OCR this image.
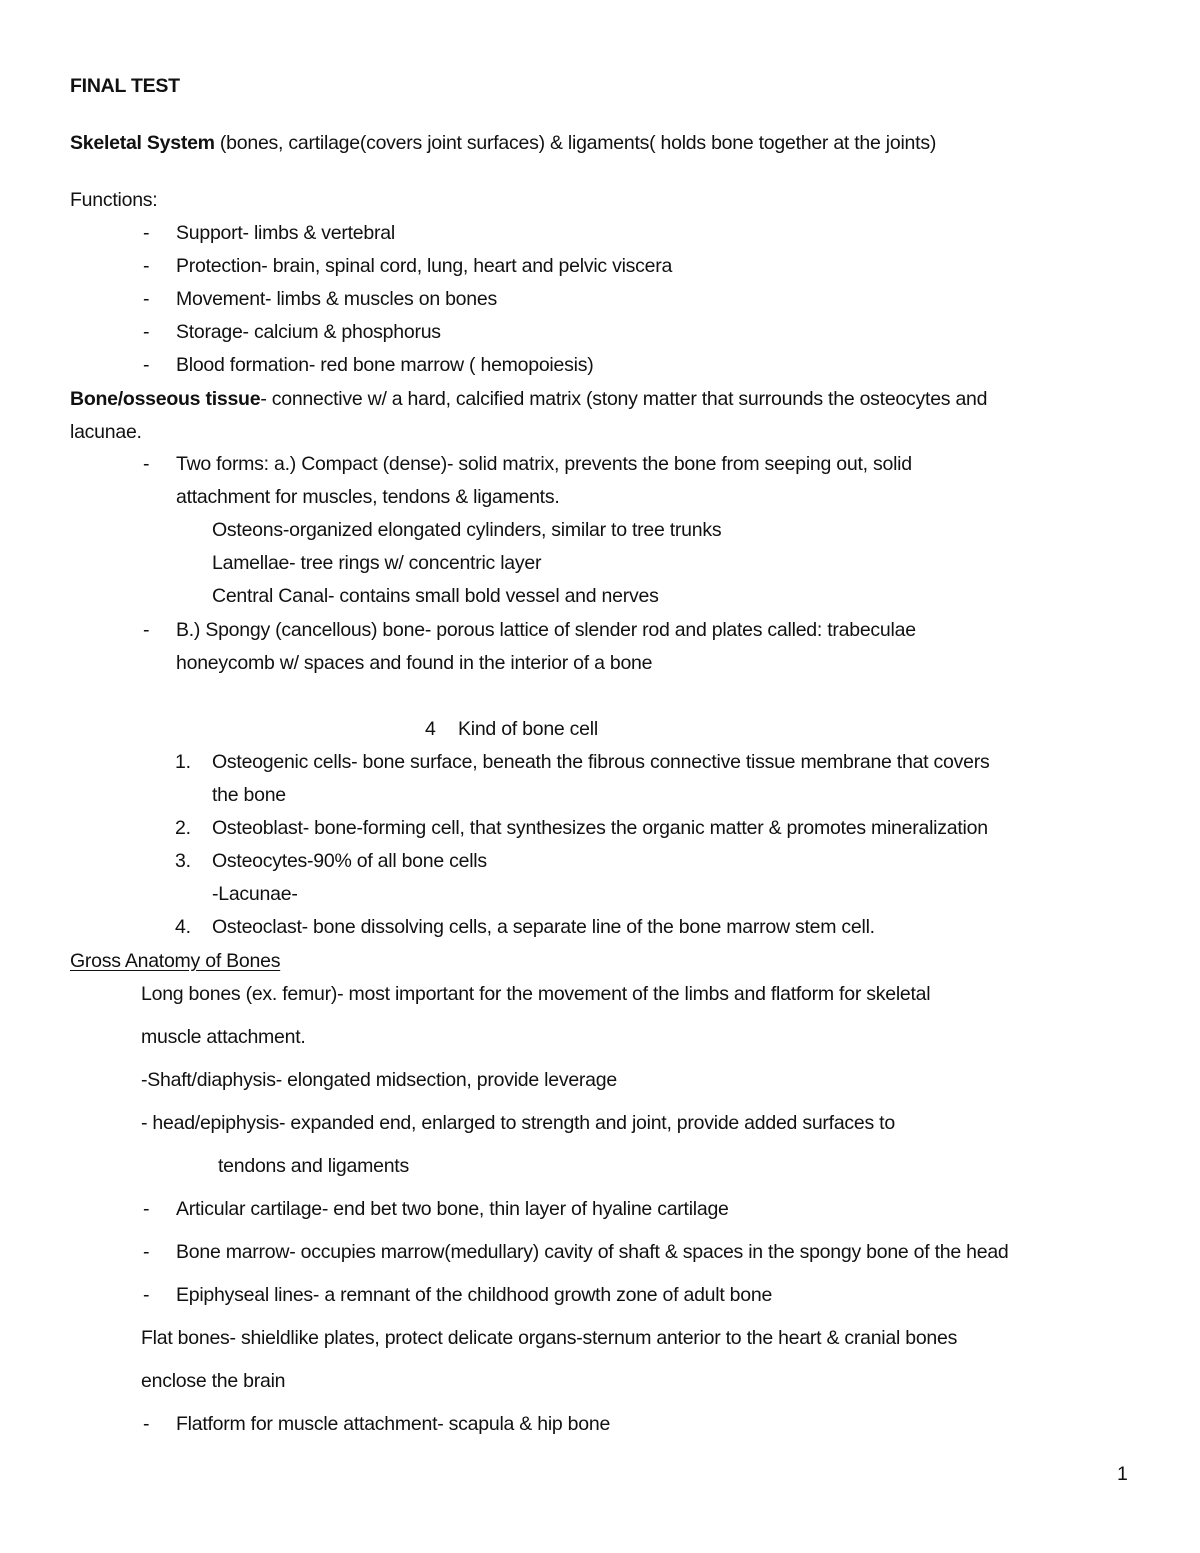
FINAL TEST
Skeletal System (bones, cartilage(covers joint surfaces) & ligaments( holds bone together at the joints)
Functions:
- Support- limbs & vertebral
- Protection- brain, spinal cord, lung, heart and pelvic viscera
- Movement- limbs & muscles on bones
- Storage- calcium & phosphorus
- Blood formation- red bone marrow ( hemopoiesis)
Bone/osseous tissue- connective w/ a hard, calcified matrix (stony matter that surrounds the osteocytes and
lacunae.
- Two forms: a.) Compact (dense)- solid matrix, prevents the bone from seeping out, solid
attachment for muscles, tendons & ligaments.
Osteons-organized elongated cylinders, similar to tree trunks
Lamellae- tree rings w/ concentric layer
Central Canal- contains small bold vessel and nerves
- B.) Spongy (cancellous) bone- porous lattice of slender rod and plates called: trabeculae
honeycomb w/ spaces and found in the interior of a bone
4 Kind of bone cell
1. Osteogenic cells- bone surface, beneath the fibrous connective tissue membrane that covers
the bone
2. Osteoblast- bone-forming cell, that synthesizes the organic matter & promotes mineralization
3. Osteocytes-90% of all bone cells
-Lacunae-
4. Osteoclast- bone dissolving cells, a separate line of the bone marrow stem cell.
Gross Anatomy of Bones
Long bones (ex. femur)- most important for the movement of the limbs and flatform for skeletal
muscle attachment.
-Shaft/diaphysis- elongated midsection, provide leverage
- head/epiphysis- expanded end, enlarged to strength and joint, provide added surfaces to
tendons and ligaments
- Articular cartilage- end bet two bone, thin layer of hyaline cartilage
- Bone marrow- occupies marrow(medullary) cavity of shaft & spaces in the spongy bone of the head
- Epiphyseal lines- a remnant of the childhood growth zone of adult bone
Flat bones- shieldlike plates, protect delicate organs-sternum anterior to the heart & cranial bones
enclose the brain
- Flatform for muscle attachment- scapula & hip bone
1
